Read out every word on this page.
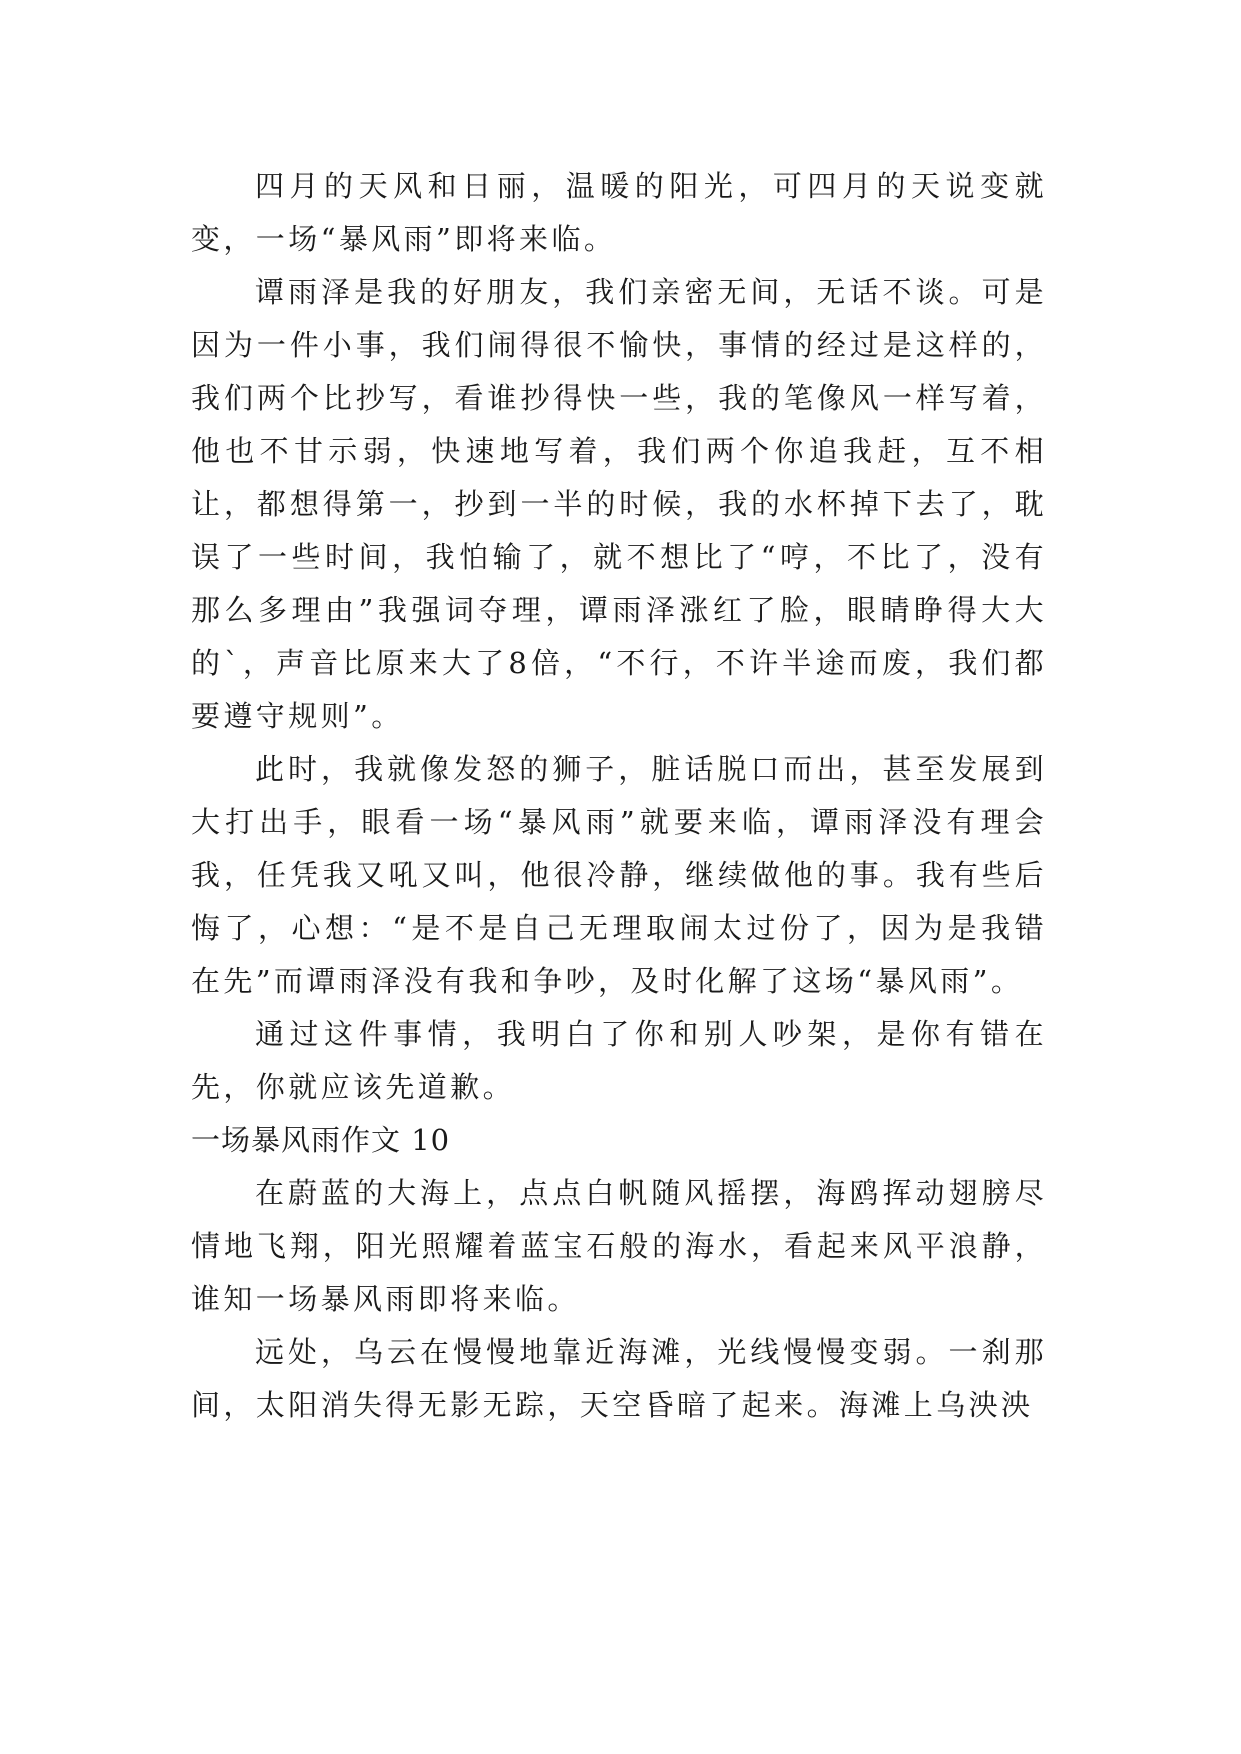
四月的天风和日丽，温暖的阳光，可四月的天说变就变，一场“暴风雨”即将来临。

谭雨泽是我的好朋友，我们亲密无间，无话不谈。可是因为一件小事，我们闹得很不愉快，事情的经过是这样的，我们两个比抄写，看谁抄得快一些，我的笔像风一样写着，他也不甘示弱，快速地写着，我们两个你追我赶，互不相让，都想得第一，抄到一半的时候，我的水杯掉下去了，耽误了一些时间，我怕输了，就不想比了“哼，不比了，没有那么多理由”我强词夺理，谭雨泽涨红了脸，眼睛睁得大大的`，声音比原来大了8倍，“不行，不许半途而废，我们都要遵守规则”。

此时，我就像发怒的狮子，脏话脱口而出，甚至发展到大打出手，眼看一场“暴风雨”就要来临，谭雨泽没有理会我，任凭我又吼又叫，他很冷静，继续做他的事。我有些后悔了，心想：“是不是自己无理取闹太过份了，因为是我错在先”而谭雨泽没有我和争吵，及时化解了这场“暴风雨”。

通过这件事情，我明白了你和别人吵架，是你有错在先，你就应该先道歉。

一场暴风雨作文 10

在蔚蓝的大海上，点点白帆随风摇摆，海鸥挥动翅膀尽情地飞翔，阳光照耀着蓝宝石般的海水，看起来风平浪静，谁知一场暴风雨即将来临。

远处，乌云在慢慢地靠近海滩，光线慢慢变弱。一刹那间，太阳消失得无影无踪，天空昏暗了起来。海滩上乌泱泱
